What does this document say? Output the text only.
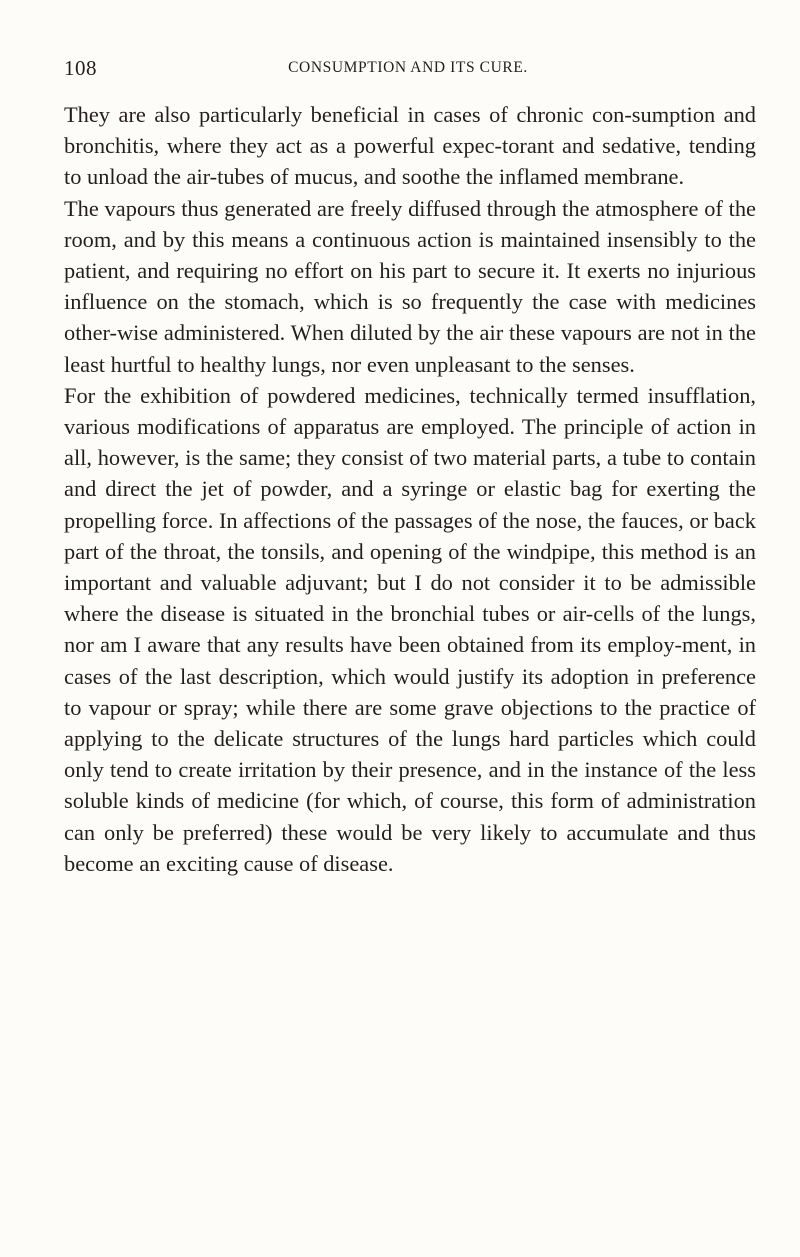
108	CONSUMPTION AND ITS CURE.

They are also particularly beneficial in cases of chronic con-sumption and bronchitis, where they act as a powerful expec-torant and sedative, tending to unload the air-tubes of mucus, and soothe the inflamed membrane.

The vapours thus generated are freely diffused through the atmosphere of the room, and by this means a continuous action is maintained insensibly to the patient, and requiring no effort on his part to secure it. It exerts no injurious influence on the stomach, which is so frequently the case with medicines other-wise administered. When diluted by the air these vapours are not in the least hurtful to healthy lungs, nor even unpleasant to the senses.

For the exhibition of powdered medicines, technically termed insufflation, various modifications of apparatus are employed. The principle of action in all, however, is the same; they consist of two material parts, a tube to contain and direct the jet of powder, and a syringe or elastic bag for exerting the propelling force. In affections of the passages of the nose, the fauces, or back part of the throat, the tonsils, and opening of the windpipe, this method is an important and valuable adjuvant; but I do not consider it to be admissible where the disease is situated in the bronchial tubes or air-cells of the lungs, nor am I aware that any results have been obtained from its employ-ment, in cases of the last description, which would justify its adoption in preference to vapour or spray; while there are some grave objections to the practice of applying to the delicate structures of the lungs hard particles which could only tend to create irritation by their presence, and in the instance of the less soluble kinds of medicine (for which, of course, this form of administration can only be preferred) these would be very likely to accumulate and thus become an exciting cause of disease.
